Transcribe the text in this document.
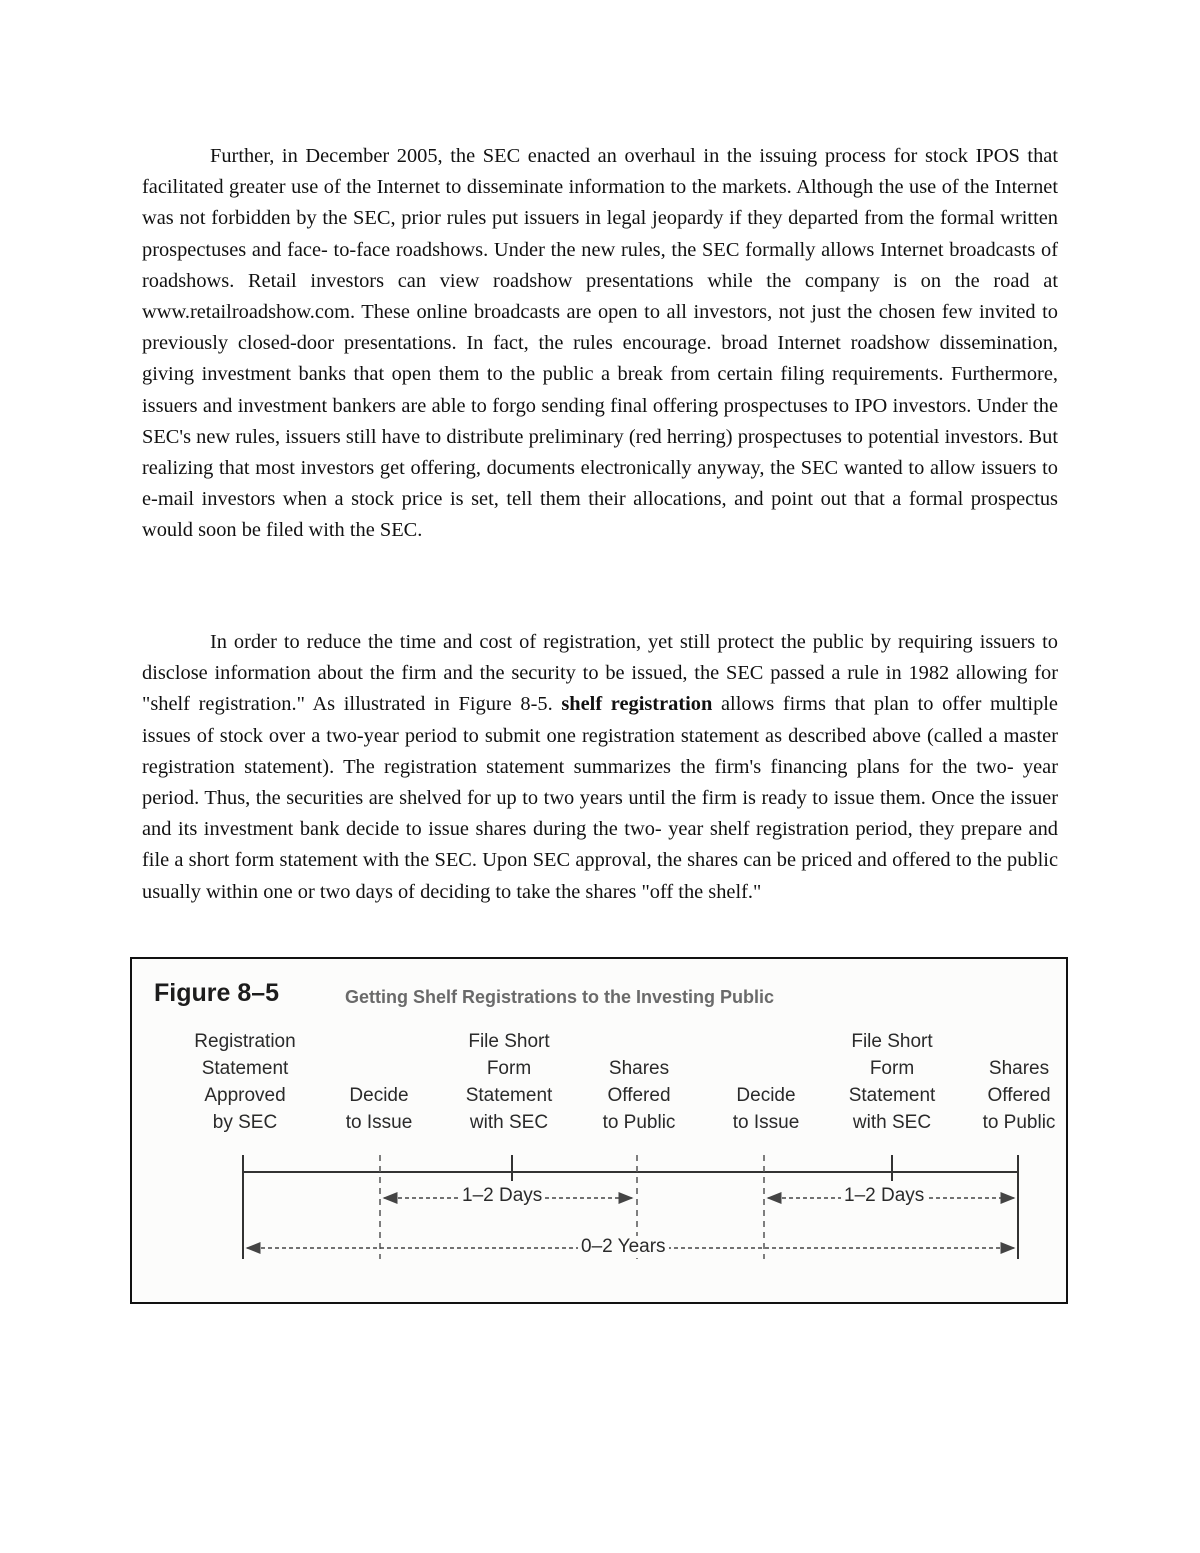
Further, in December 2005, the SEC enacted an overhaul in the issuing process for stock IPOS that facilitated greater use of the Internet to disseminate information to the markets. Although the use of the Internet was not forbidden by the SEC, prior rules put issuers in legal jeopardy if they departed from the formal written prospectuses and face- to-face roadshows. Under the new rules, the SEC formally allows Internet broadcasts of roadshows. Retail investors can view roadshow presentations while the company is on the road at www.retailroadshow.com. These online broadcasts are open to all investors, not just the chosen few invited to previously closed-door presentations. In fact, the rules encourage. broad Internet roadshow dissemination, giving investment banks that open them to the public a break from certain filing requirements. Furthermore, issuers and investment bankers are able to forgo sending final offering prospectuses to IPO investors. Under the SEC's new rules, issuers still have to distribute preliminary (red herring) prospectuses to potential investors. But realizing that most investors get offering, documents electronically anyway, the SEC wanted to allow issuers to e-mail investors when a stock price is set, tell them their allocations, and point out that a formal prospectus would soon be filed with the SEC.
In order to reduce the time and cost of registration, yet still protect the public by requiring issuers to disclose information about the firm and the security to be issued, the SEC passed a rule in 1982 allowing for "shelf registration." As illustrated in Figure 8-5. shelf registration allows firms that plan to offer multiple issues of stock over a two-year period to submit one registration statement as described above (called a master registration statement). The registration statement summarizes the firm's financing plans for the two- year period. Thus, the securities are shelved for up to two years until the firm is ready to issue them. Once the issuer and its investment bank decide to issue shares during the two- year shelf registration period, they prepare and file a short form statement with the SEC. Upon SEC approval, the shares can be priced and offered to the public usually within one or two days of deciding to take the shares "off the shelf."
Figure 8–5	Getting Shelf Registrations to the Investing Public
Registration
Statement
Approved
by SEC
Decide
to Issue
File Short
Form
Statement
with SEC
Shares
Offered
to Public
Decide
to Issue
File Short
Form
Statement
with SEC
Shares
Offered
to Public
1–2 Days	1–2 Days
0–2 Years
